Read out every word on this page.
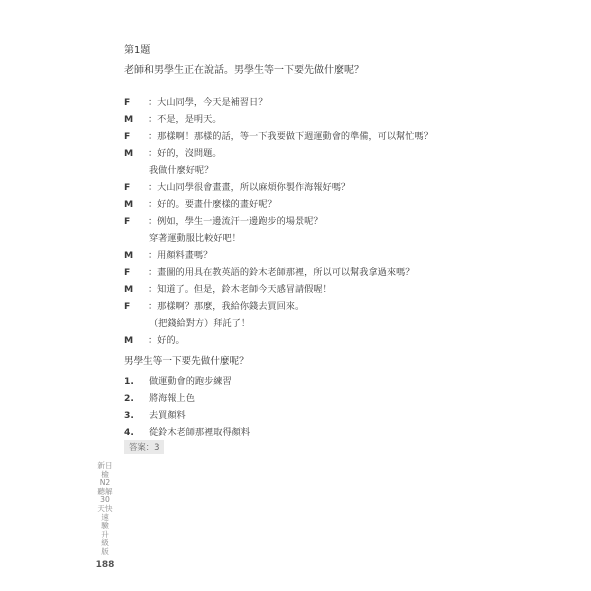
第1題
老師和男學生正在說話。男學生等一下要先做什麼呢？
F	：大山同學，今天是補習日？
M	：不是，是明天。
F	：那樣啊！那樣的話，等一下我要做下週運動會的準備，可以幫忙嗎？
M	：好的，沒問題。
我做什麼好呢？
F	：大山同學很會畫畫，所以麻煩你製作海報好嗎？
M	：好的。要畫什麼樣的畫好呢？
F	：例如，學生一邊流汗一邊跑步的場景呢？
穿著運動服比較好吧！
M	：用顏料畫嗎？
F	：畫圖的用具在教英語的鈴木老師那裡，所以可以幫我拿過來嗎？
M	：知道了。但是，鈴木老師今天感冒請假喔！
F	：那樣啊？那麼，我給你錢去買回來。
（把錢給對方）拜託了！
M	：好的。
男學生等一下要先做什麼呢？
1.	做運動會的跑步練習
2.	將海報上色
3.	去買顏料
4.	從鈴木老師那裡取得顏料
答案：3
新日檢
N2
聽解
30
天快速
驗
升
級
版
188
